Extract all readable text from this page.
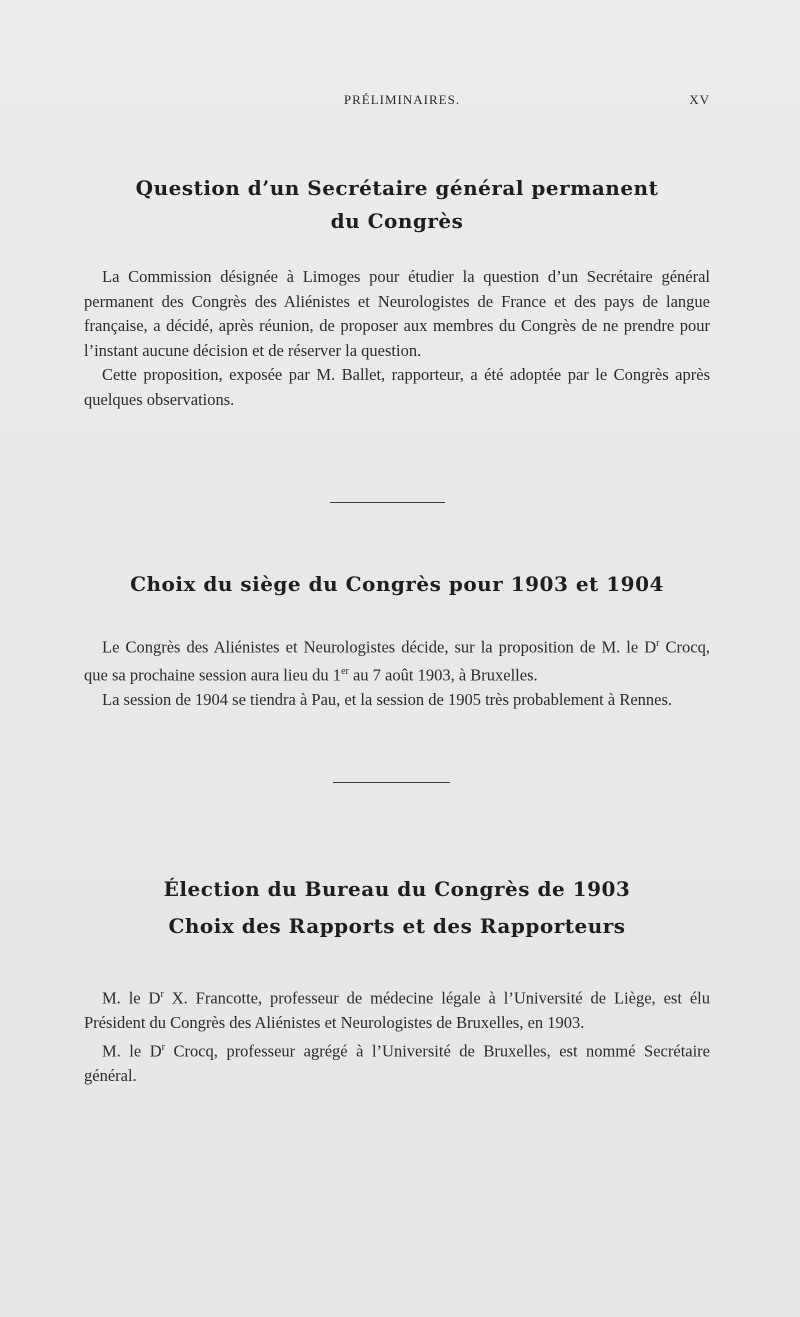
PRÉLIMINAIRES.	XV
Question d’un Secrétaire général permanent
du Congrès

La Commission désignée à Limoges pour étudier la question d’un Secrétaire général permanent des Congrès des Aliénistes et Neurologistes de France et des pays de langue française, a décidé, après réunion, de proposer aux membres du Congrès de ne prendre pour l’instant aucune décision et de réserver la question.

Cette proposition, exposée par M. Ballet, rapporteur, a été adoptée par le Congrès après quelques observations.

Choix du siège du Congrès pour 1903 et 1904

Le Congrès des Aliénistes et Neurologistes décide, sur la proposition de M. le $D^r$ Crocq, que sa prochaine session aura lieu du 1er au 7 août 1903, à Bruxelles.

La session de 1904 se tiendra à Pau, et la session de 1905 très probablement à Rennes.

Élection du Bureau du Congrès de 1903
Choix des Rapports et des Rapporteurs

M. le $D^r$ X. Francotte, professeur de médecine légale à l’Université de Liège, est élu Président du Congrès des Aliénistes et Neurologistes de Bruxelles, en 1903.

M. le $D^r$ Crocq, professeur agrégé à l’Université de Bruxelles, est nommé Secrétaire général.
